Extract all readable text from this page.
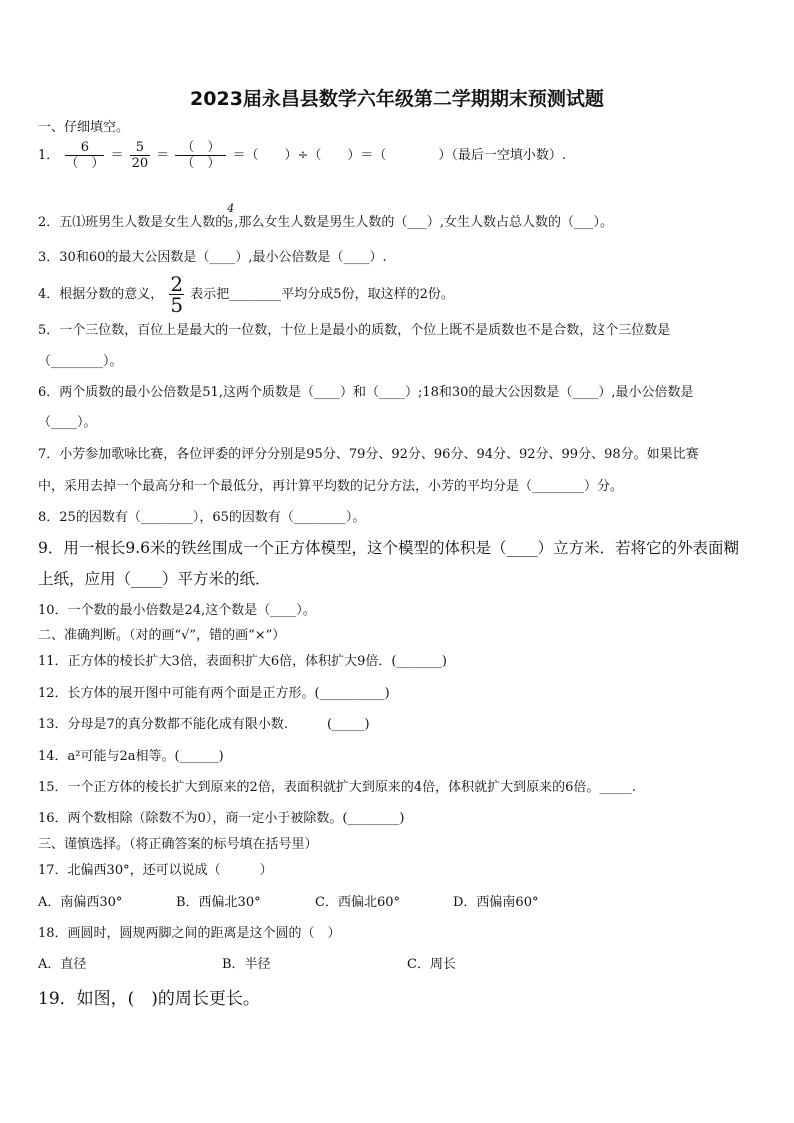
2023届永昌县数学六年级第二学期期末预测试题
一、仔细填空。
1． $\frac{6}{( )} = \frac{5}{20} = \frac{( )}{( )}$ ＝（　　）÷（　　）＝（　　　　）（最后一空填小数）.
2．五⑴班男生人数是女生人数的
4
5 ,那么女生人数是男生人数的（___）,女生人数占总人数的（___）。
3．30和60的最大公因数是（____）,最小公倍数是（____）.
4．根据分数的意义， $\frac{2}{5}$ 表示把________平均分成5份，取这样的2份。
5．一个三位数，百位上是最大的一位数，十位上是最小的质数，个位上既不是质数也不是合数，这个三位数是
（________）。
6．两个质数的最小公倍数是51,这两个质数是（____）和（____）;18和30的最大公因数是（____）,最小公倍数是
（____）。
7．小芳参加歌咏比赛，各位评委的评分分别是95分、79分、92分、96分、94分、92分、99分、98分。如果比赛
中，采用去掉一个最高分和一个最低分，再计算平均数的记分方法，小芳的平均分是（________）分。
8．25的因数有（________），65的因数有（________）。
9．用一根长9.6米的铁丝围成一个正方体模型，这个模型的体积是（____）立方米．若将它的外表面糊
上纸，应用（____）平方米的纸．
10．一个数的最小倍数是24,这个数是（____）。
二、准确判断。（对的画“√”，错的画“×”）
11．正方体的棱长扩大3倍，表面积扩大6倍，体积扩大9倍．(_______)
12．长方体的展开图中可能有两个面是正方形。(__________)
13．分母是7的真分数都不能化成有限小数.　　　(_____)
14．a²可能与2a相等。(______)
15．一个正方体的棱长扩大到原来的2倍，表面积就扩大到原来的4倍，体积就扩大到原来的6倍。_____.
16．两个数相除（除数不为0），商一定小于被除数。(________)
三、谨慎选择。（将正确答案的标号填在括号里）
17．北偏西30°，还可以说成（　　　）
A．南偏西30°	B．西偏北30°	C．西偏北60°	D．西偏南60°
18．画圆时，圆规两脚之间的距离是这个圆的（　）
A．直径	B．半径	C．周长
19．如图，(　)的周长更长。
